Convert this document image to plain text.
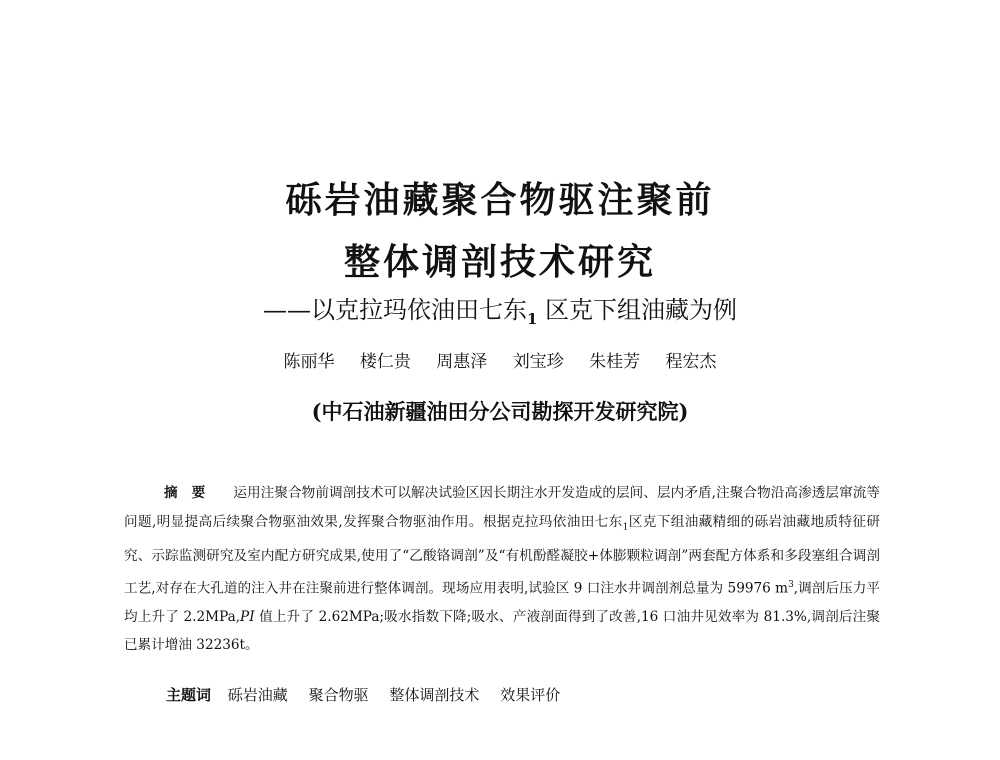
砾岩油藏聚合物驱注聚前
整体调剖技术研究
——以克拉玛依油田七东$_1$ 区克下组油藏为例
陈丽华 楼仁贵 周惠泽 刘宝珍 朱桂芳 程宏杰
(中石油新疆油田分公司勘探开发研究院)
摘要 运用注聚合物前调剖技术可以解决试验区因长期注水开发造成的层间、层内矛盾,注聚合物沿高渗透层窜流等问题,明显提高后续聚合物驱油效果,发挥聚合物驱油作用。根据克拉玛依油田七东$_1$区克下组油藏精细的砾岩油藏地质特征研究、示踪监测研究及室内配方研究成果,使用了“乙酸铬调剖”及“有机酚醛凝胶+体膨颗粒调剖”两套配方体系和多段塞组合调剖工艺,对存在大孔道的注入井在注聚前进行整体调剖。现场应用表明,试验区 9 口注水井调剖剂总量为 59976 $m^3$,调剖后压力平均上升了 2.2MPa,PI 值上升了 2.62MPa;吸水指数下降;吸水、产液剖面得到了改善,16 口油井见效率为 81.3%,调剖后注聚已累计增油 32236t。
主题词 砾岩油藏 聚合物驱 整体调剖技术 效果评价
